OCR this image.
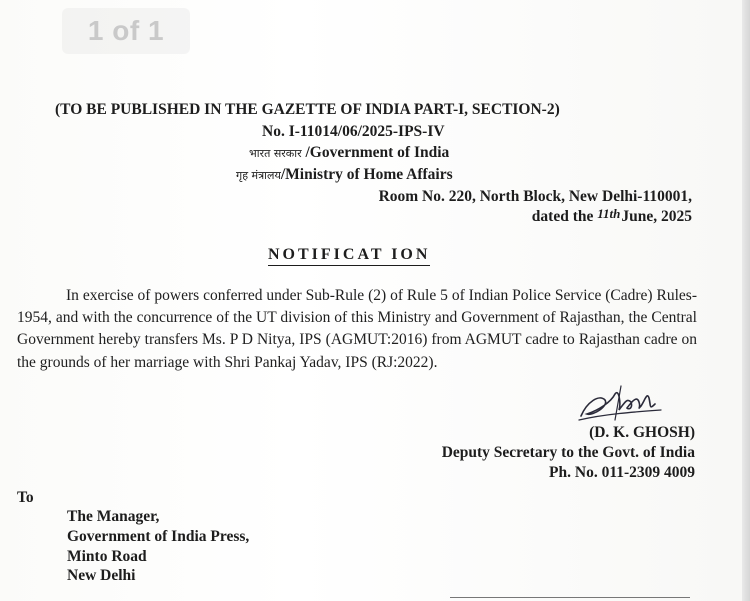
1 of 1
(TO BE PUBLISHED IN THE GAZETTE OF INDIA PART-I, SECTION-2)
No. I-11014/06/2025-IPS-IV
भारत सरकार /Government of India
गृह मंत्रालय/Ministry of Home Affairs
Room No. 220, North Block, New Delhi-110001,
dated the 11thJune, 2025
NOTIFICAT ION
In exercise of powers conferred under Sub-Rule (2) of Rule 5 of Indian Police Service (Cadre) Rules-1954, and with the concurrence of the UT division of this Ministry and Government of Rajasthan, the Central Government hereby transfers Ms. P D Nitya, IPS (AGMUT:2016) from AGMUT cadre to Rajasthan cadre on the grounds of her marriage with Shri Pankaj Yadav, IPS (RJ:2022).
(D. K. GHOSH)
Deputy Secretary to the Govt. of India
Ph. No. 011-2309 4009
To
The Manager,
Government of India Press,
Minto Road
New Delhi
